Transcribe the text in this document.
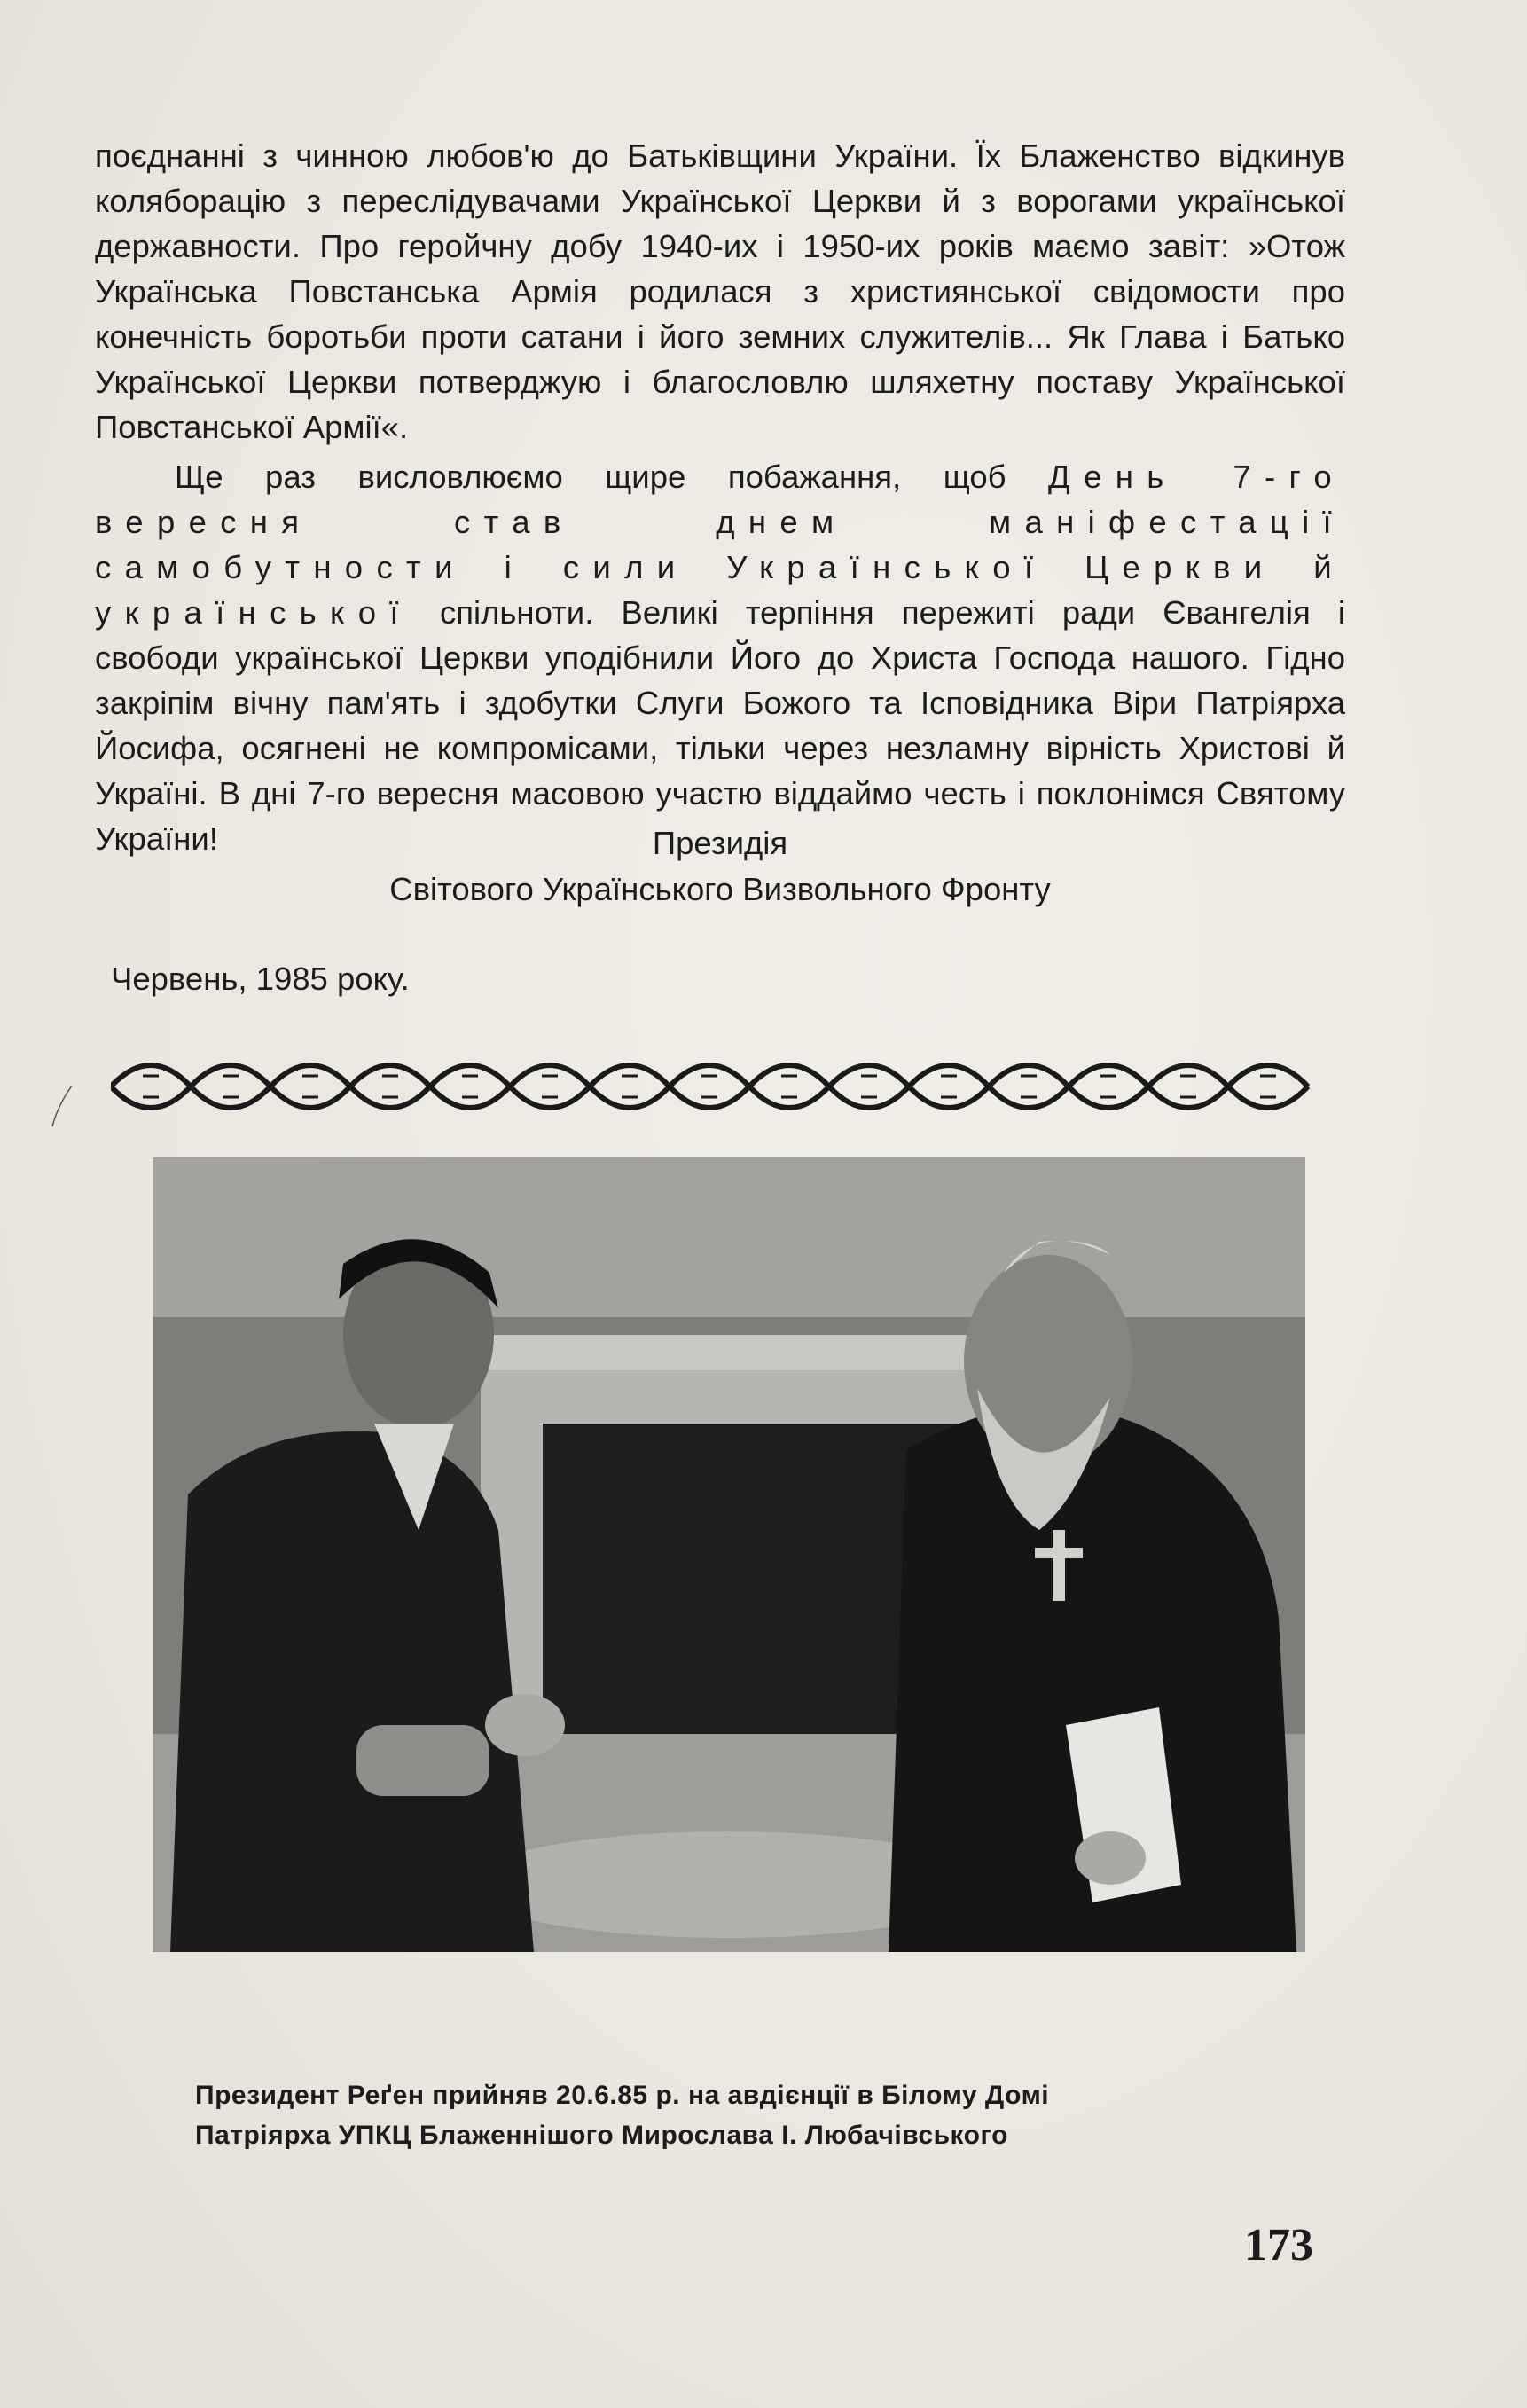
поєднанні з чинною любов'ю до Батьківщини України. Їх Блаженство відкинув коляборацію з переслідувачами Української Церкви й з ворогами української державности. Про геройчну добу 1940-их і 1950-их років маємо завіт: »Отож Українська Повстанська Армія родилася з християнської свідомости про конечність боротьби проти сатани і його земних служителів... Як Глава і Батько Української Церкви потверджую і благословлю шляхетну поставу Української Повстанської Армії«.

Ще раз висловлюємо щире побажання, щоб День 7-го вересня став днем маніфестації самобутности і сили Української Церкви й української спільноти. Великі терпіння пережиті ради Євангелія і свободи української Церкви уподібнили Його до Христа Господа нашого. Гідно закріпім вічну пам'ять і здобутки Слуги Божого та Ісповідника Віри Патріярха Йосифа, осягнені не компромісами, тільки через незламну вірність Христові й Україні. В дні 7-го вересня масовою участю віддаймо честь і поклонімся Святому України!	Президія
Світового Українського Визвольного Фронту
Червень, 1985 року.
Президент Реґен прийняв 20.6.85 р. на авдієнції в Білому Домі
Патріярха УПКЦ Блаженнішого Мирослава І. Любачівського
173
